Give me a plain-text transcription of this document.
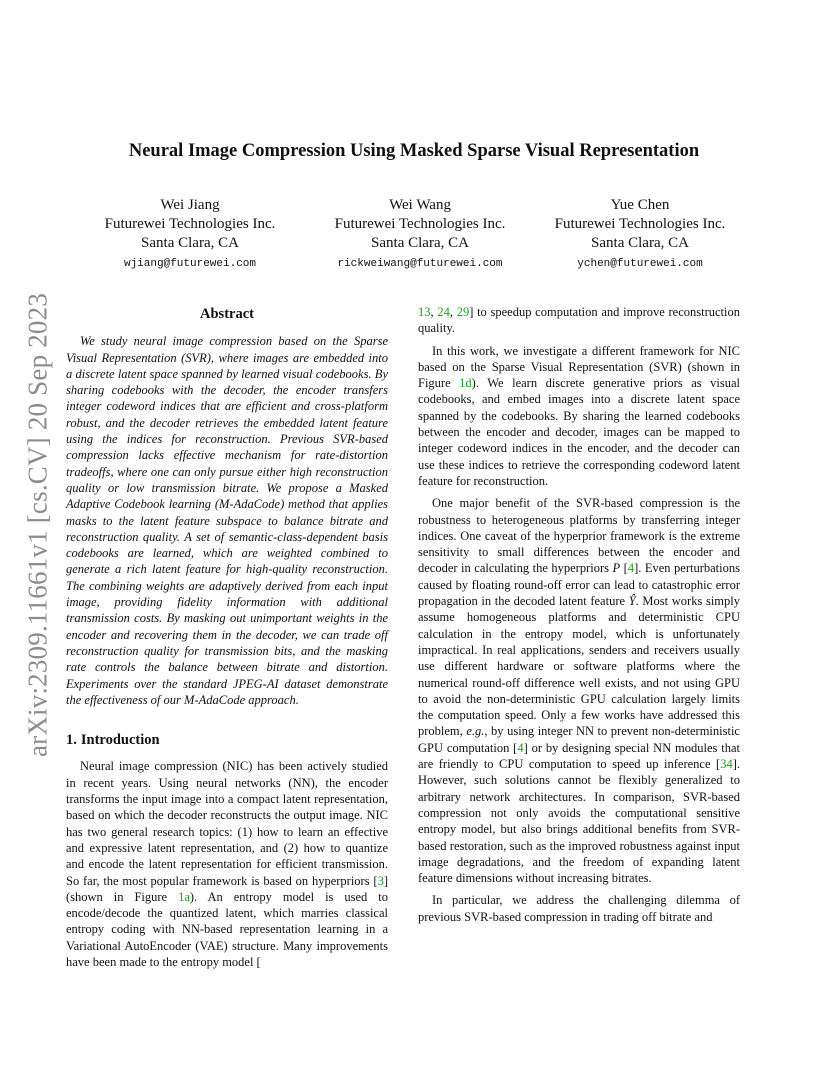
arXiv:2309.11661v1 [cs.CV] 20 Sep 2023
Neural Image Compression Using Masked Sparse Visual Representation
Wei Jiang
Futurewei Technologies Inc.
Santa Clara, CA
wjiang@futurewei.com
Wei Wang
Futurewei Technologies Inc.
Santa Clara, CA
rickweiwang@futurewei.com
Yue Chen
Futurewei Technologies Inc.
Santa Clara, CA
ychen@futurewei.com
Abstract

We study neural image compression based on the Sparse Visual Representation (SVR), where images are embedded into a discrete latent space spanned by learned visual codebooks. By sharing codebooks with the decoder, the encoder transfers integer codeword indices that are efficient and cross-platform robust, and the decoder retrieves the embedded latent feature using the indices for reconstruction. Previous SVR-based compression lacks effective mechanism for rate-distortion tradeoffs, where one can only pursue either high reconstruction quality or low transmission bitrate. We propose a Masked Adaptive Codebook learning (M-AdaCode) method that applies masks to the latent feature subspace to balance bitrate and reconstruction quality. A set of semantic-class-dependent basis codebooks are learned, which are weighted combined to generate a rich latent feature for high-quality reconstruction. The combining weights are adaptively derived from each input image, providing fidelity information with additional transmission costs. By masking out unimportant weights in the encoder and recovering them in the decoder, we can trade off reconstruction quality for transmission bits, and the masking rate controls the balance between bitrate and distortion. Experiments over the standard JPEG-AI dataset demonstrate the effectiveness of our M-AdaCode approach.

1. Introduction

Neural image compression (NIC) has been actively studied in recent years. Using neural networks (NN), the encoder transforms the input image into a compact latent representation, based on which the decoder reconstructs the output image. NIC has two general research topics: (1) how to learn an effective and expressive latent representation, and (2) how to quantize and encode the latent representation for efficient transmission. So far, the most popular framework is based on hyperpriors [3] (shown in Figure 1a). An entropy model is used to encode/decode the quantized latent, which marries classical entropy coding with NN-based representation learning in a Variational AutoEncoder (VAE) structure. Many improvements have been made to the entropy model [

13, 24, 29] to speedup computation and improve reconstruction quality.

In this work, we investigate a different framework for NIC based on the Sparse Visual Representation (SVR) (shown in Figure 1d). We learn discrete generative priors as visual codebooks, and embed images into a discrete latent space spanned by the codebooks. By sharing the learned codebooks between the encoder and decoder, images can be mapped to integer codeword indices in the encoder, and the decoder can use these indices to retrieve the corresponding codeword latent feature for reconstruction.

One major benefit of the SVR-based compression is the robustness to heterogeneous platforms by transferring integer indices. One caveat of the hyperprior framework is the extreme sensitivity to small differences between the encoder and decoder in calculating the hyperpriors P [4]. Even perturbations caused by floating round-off error can lead to catastrophic error propagation in the decoded latent feature Ŷ. Most works simply assume homogeneous platforms and deterministic CPU calculation in the entropy model, which is unfortunately impractical. In real applications, senders and receivers usually use different hardware or software platforms where the numerical round-off difference well exists, and not using GPU to avoid the non-deterministic GPU calculation largely limits the computation speed. Only a few works have addressed this problem, e.g., by using integer NN to prevent non-deterministic GPU computation [4] or by designing special NN modules that are friendly to CPU computation to speed up inference [34]. However, such solutions cannot be flexibly generalized to arbitrary network architectures. In comparison, SVR-based compression not only avoids the computational sensitive entropy model, but also brings additional benefits from SVR-based restoration, such as the improved robustness against input image degradations, and the freedom of expanding latent feature dimensions without increasing bitrates.

In particular, we address the challenging dilemma of previous SVR-based compression in trading off bitrate and
